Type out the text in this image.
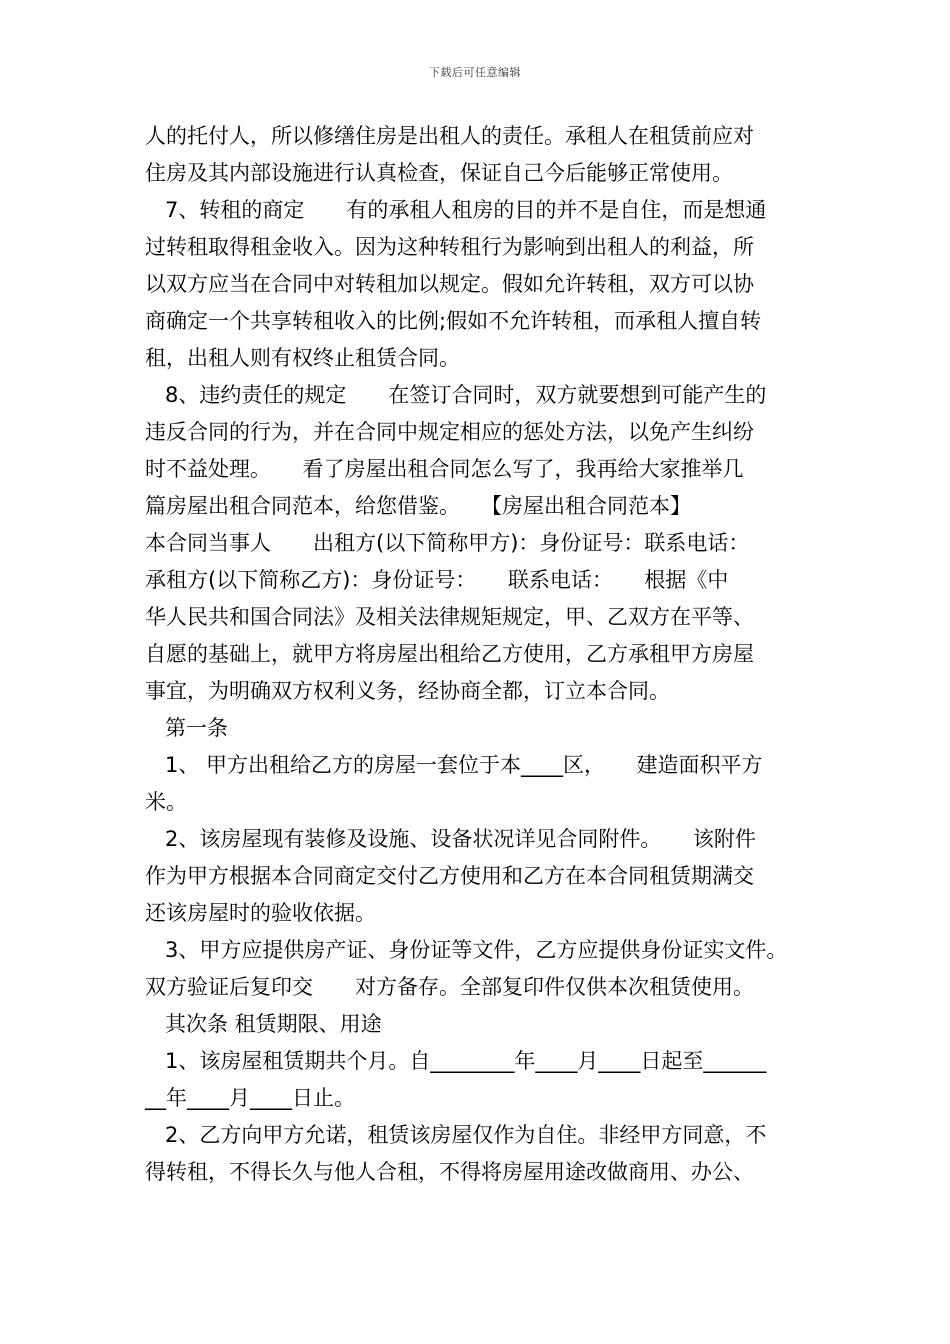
下载后可任意编辑
人的托付人，所以修缮住房是出租人的责任。承租人在租赁前应对
住房及其内部设施进行认真检查，保证自己今后能够正常使用。
7、转租的商定　　有的承租人租房的目的并不是自住，而是想通
过转租取得租金收入。因为这种转租行为影响到出租人的利益，所
以双方应当在合同中对转租加以规定。假如允许转租，双方可以协
商确定一个共享转租收入的比例;假如不允许转租，而承租人擅自转
租，出租人则有权终止租赁合同。
8、违约责任的规定　　在签订合同时，双方就要想到可能产生的
违反合同的行为，并在合同中规定相应的惩处方法，以免产生纠纷
时不益处理。　　看了房屋出租合同怎么写了，我再给大家推举几
篇房屋出租合同范本，给您借鉴。　　【房屋出租合同范本】
本合同当事人　　出租方(以下简称甲方)：身份证号：联系电话：
承租方(以下简称乙方)：身份证号：　　联系电话：　　根据《中
华人民共和国合同法》及相关法律规矩规定，甲、乙双方在平等、
自愿的基础上，就甲方将房屋出租给乙方使用，乙方承租甲方房屋
事宜，为明确双方权利义务，经协商全都，订立本合同。
第一条
1、 甲方出租给乙方的房屋一套位于本____区，　　建造面积平方
米。
2、该房屋现有装修及设施、设备状况详见合同附件。　　该附件
作为甲方根据本合同商定交付乙方使用和乙方在本合同租赁期满交
还该房屋时的验收依据。
3、甲方应提供房产证、身份证等文件，乙方应提供身份证实文件。
双方验证后复印交　　对方备存。全部复印件仅供本次租赁使用。
其次条 租赁期限、用途
1、该房屋租赁期共个月。自________年____月____日起至______
__年____月____日止。
2、乙方向甲方允诺，租赁该房屋仅作为自住。非经甲方同意，不
得转租，不得长久与他人合租，不得将房屋用途改做商用、办公、
